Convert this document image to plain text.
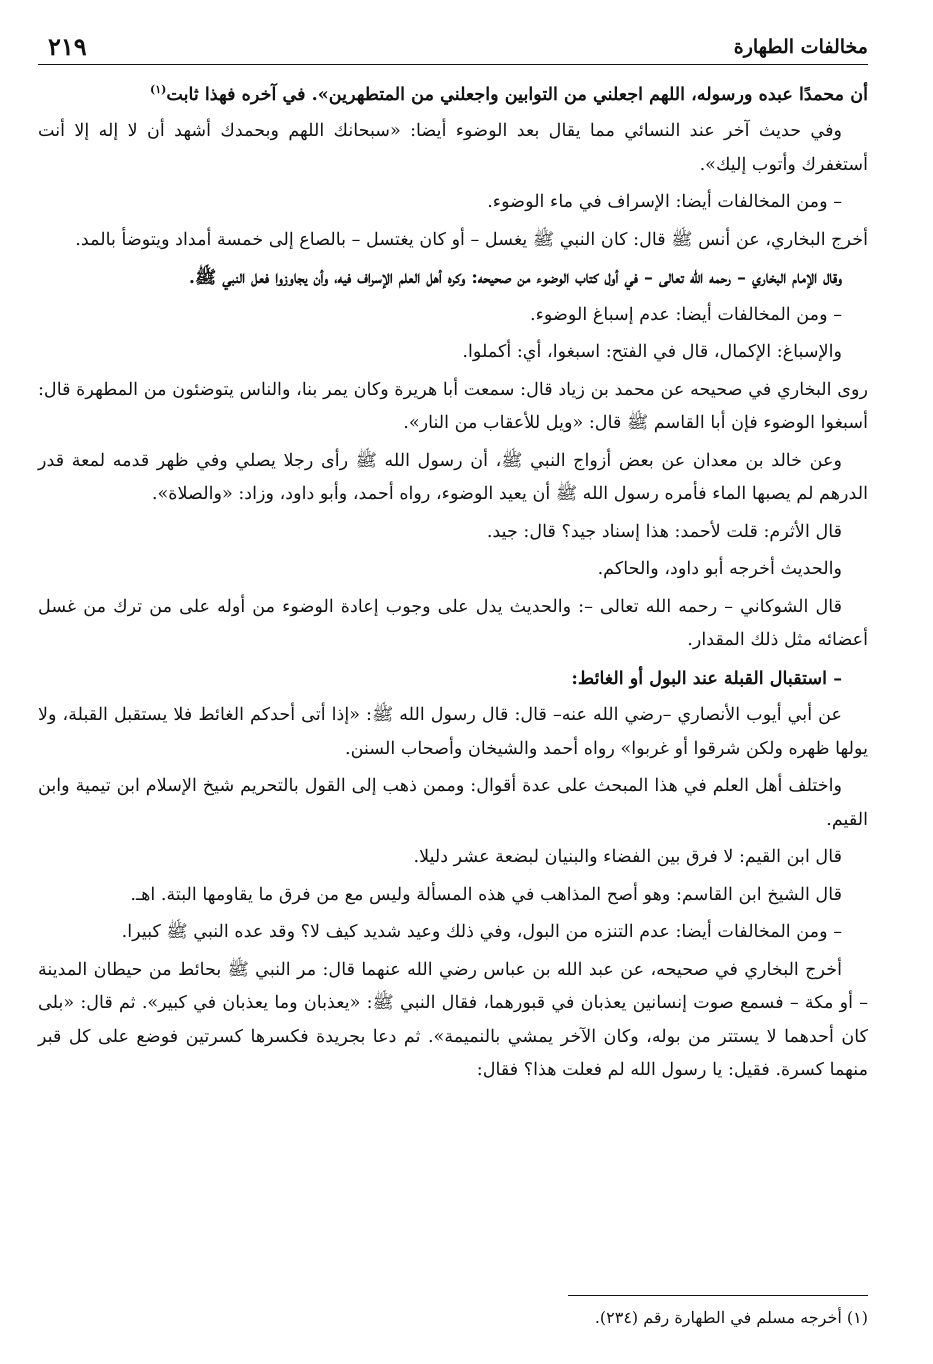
مخالفات الطهارة
٢١٩

أن محمدًا عبده ورسوله، اللهم اجعلني من التوابين واجعلني من المتطهرين». في آخره فهذا ثابت$^{(١)}$

وفي حديث آخر عند النسائي مما يقال بعد الوضوء أيضا: «سبحانك اللهم وبحمدك أشهد أن لا إله إلا أنت أستغفرك وأتوب إليك».

– ومن المخالفات أيضا: الإسراف في ماء الوضوء.

أخرج البخاري، عن أنس ﷺ قال: كان النبي ﷺ يغسل – أو كان يغتسل – بالصاع إلى خمسة أمداد ويتوضأ بالمد.

وقال الإمام البخاري – رحمه الله تعالى – في أول كتاب الوضوء من صحيحه: وكره أهل العلم الإسراف فيه، وأن يجاوزوا فعل النبي ﷺ.

– ومن المخالفات أيضا: عدم إسباغ الوضوء.

والإسباغ: الإكمال، قال في الفتح: اسبغوا، أي: أكملوا.

روى البخاري في صحيحه عن محمد بن زياد قال: سمعت أبا هريرة وكان يمر بنا، والناس يتوضئون من المطهرة قال: أسبغوا الوضوء فإن أبا القاسم ﷺ قال: «ويل للأعقاب من النار».

وعن خالد بن معدان عن بعض أزواج النبي ﷺ، أن رسول الله ﷺ رأى رجلا يصلي وفي ظهر قدمه لمعة قدر الدرهم لم يصبها الماء فأمره رسول الله ﷺ أن يعيد الوضوء، رواه أحمد، وأبو داود، وزاد: «والصلاة».

قال الأثرم: قلت لأحمد: هذا إسناد جيد؟ قال: جيد.

والحديث أخرجه أبو داود، والحاكم.

قال الشوكاني – رحمه الله تعالى –: والحديث يدل على وجوب إعادة الوضوء من أوله على من ترك من غسل أعضائه مثل ذلك المقدار.

– استقبال القبلة عند البول أو الغائط:

عن أبي أيوب الأنصاري –رضي الله عنه– قال: قال رسول الله ﷺ: «إذا أتى أحدكم الغائط فلا يستقبل القبلة، ولا يولها ظهره ولكن شرقوا أو غربوا» رواه أحمد والشيخان وأصحاب السنن.

واختلف أهل العلم في هذا المبحث على عدة أقوال: وممن ذهب إلى القول بالتحريم شيخ الإسلام ابن تيمية وابن القيم.

قال ابن القيم: لا فرق بين الفضاء والبنيان لبضعة عشر دليلا.

قال الشيخ ابن القاسم: وهو أصح المذاهب في هذه المسألة وليس مع من فرق ما يقاومها البتة. اهـ.

– ومن المخالفات أيضا: عدم التنزه من البول، وفي ذلك وعيد شديد كيف لا؟ وقد عده النبي ﷺ كبيرا.

أخرج البخاري في صحيحه، عن عبد الله بن عباس رضي الله عنهما قال: مر النبي ﷺ بحائط من حيطان المدينة – أو مكة – فسمع صوت إنسانين يعذبان في قبورهما، فقال النبي ﷺ: «يعذبان وما يعذبان في كبير». ثم قال: «بلى كان أحدهما لا يستتر من بوله، وكان الآخر يمشي بالنميمة». ثم دعا بجريدة فكسرها كسرتين فوضع على كل قبر منهما كسرة. فقيل: يا رسول الله لم فعلت هذا؟ فقال:

(١) أخرجه مسلم في الطهارة رقم (٢٣٤).
